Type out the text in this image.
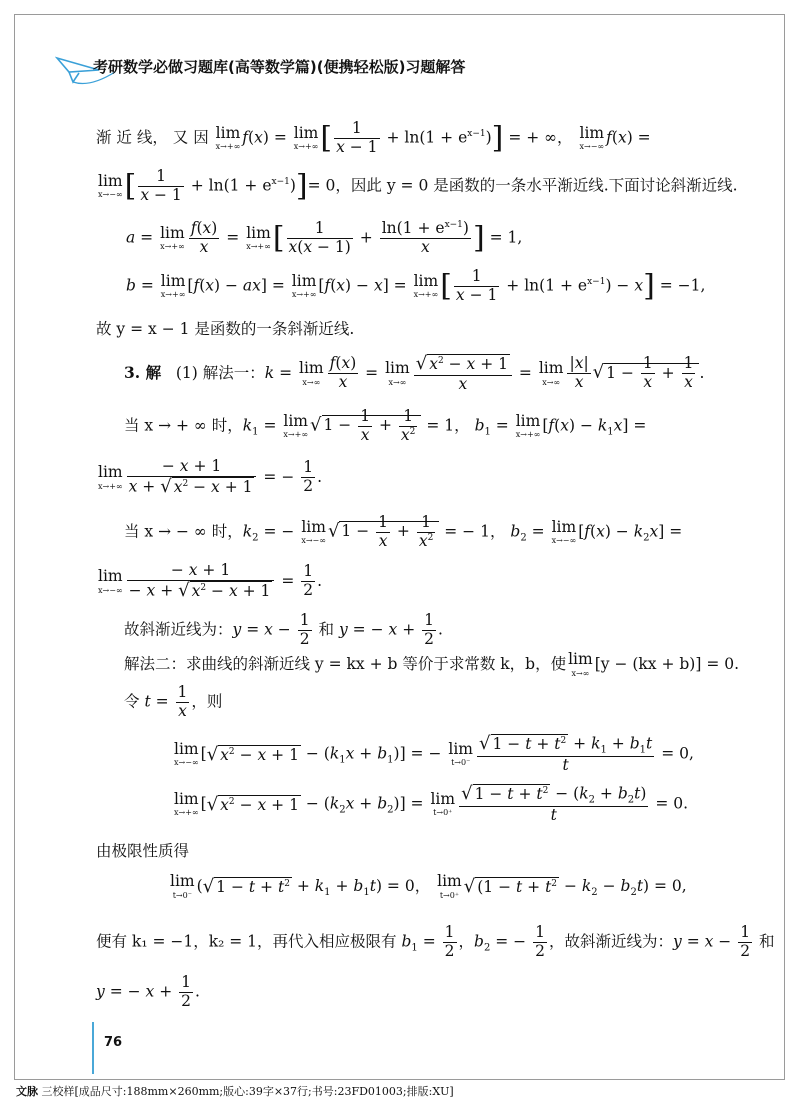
考研数学必做习题库(高等数学篇)(便携轻松版)习题解答
渐 近 线， 又 因 lim
x→+∞
f(x) = lim
x→+∞ [ $\frac{1}{x - 1} + \ln(1 + e^{x-1})$] = + ∞， lim
x→−∞
f(x) =
lim
x→−∞ [ $\frac{1}{x - 1} + \ln(1 + e^{x-1})]= 0$，因此 y = 0 是函数的一条水平渐近线.下面讨论斜渐近线.
a = lim
$x\to+\infty \frac{f(x)}{x} = \lim$
x→+∞ [ $\frac{1}{x(x - 1)} + \frac{\ln(1 + e^{x-1})}{x}$ ] = 1,
b = lim
x→+∞
[f(x) − ax] = lim
x→+∞
[f(x) − x] = lim
x→+∞ [ $\frac{1}{x - 1} + \ln(1 + e^{x-1}) - x] = -1$,
故 y = x − 1 是函数的一条斜渐近线.
3. 解 (1) 解法一：k = lim
$x\to\infty \frac{f(x)}{x} = \lim$
$x\to\infty \frac{√ x^2 - x + 1}{x} = \lim$
$x\to\infty \frac{|x|}{x}$ √ $1 - \frac{1}{x} + \frac{1}{x}$ .
当 x → + ∞ 时，$k_1 = \lim$
x→+∞ √ $1 - \frac{1}{x} + \frac{1}{x^2} = 1$， $b_1 = \lim$
x→+∞
$[f(x) - k_1x]$ =
lim
$x\to+\infty \frac{- x + 1}{x + √ x^2 - x + 1}$ = − $\frac{1}{2}$ .
当 x → − ∞ 时，$k_2$ = − lim
x→−∞ √ $1 - \frac{1}{x} + \frac{1}{x^2}$ = − 1， $b_2 = \lim$
x→−∞
$[f(x) - k_2x]$ =
lim
$x\to-\infty \frac{- x + 1}{- x + √ x^2 - x + 1} = \frac{1}{2}$ .
故斜渐近线为：$y = x - \frac{1}{2}$ 和 y = − $x + \frac{1}{2}$ .
解法二：求曲线的斜渐近线 y = kx + b 等价于求常数 k，b，使 lim
x→∞
[y − (kx + b)] = 0.
令 $t = \frac{1}{x}$ ，则
lim
x→−∞
[√ $x^2 - x + 1 - (k_1x + b_1)$] = − lim
$t\to 0^- \frac{√ 1 - t + t^2 + k_1 + b_1t}{t} = 0$,
lim
x→+∞
[√ $x^2 - x + 1 - (k_2x + b_2)] = \lim$
$t\to 0^+ \frac{√ 1 - t + t^2 - (k_2 + b_2t)}{t} = 0$.
由极限性质得
lim
t→0⁻
(√ $1 - t + t^2 + k_1 + b_1t) = 0$， lim
t→0⁺ √ $(1 - t + t^2 - k_2 - b_2t) = 0$,
便有 k₁ = −1，k₂ = 1，再代入相应极限有 $b_1 = \frac{1}{2}$ ，$b_2$ = − $\frac{1}{2}$ ，故斜渐近线为：$y = x - \frac{1}{2}$ 和
y = − $x + \frac{1}{2}$ .
76
文脉 三校样[成品尺寸:188mm×260mm;版心:39字×37行;书号:23FD01003;排版:XU]
